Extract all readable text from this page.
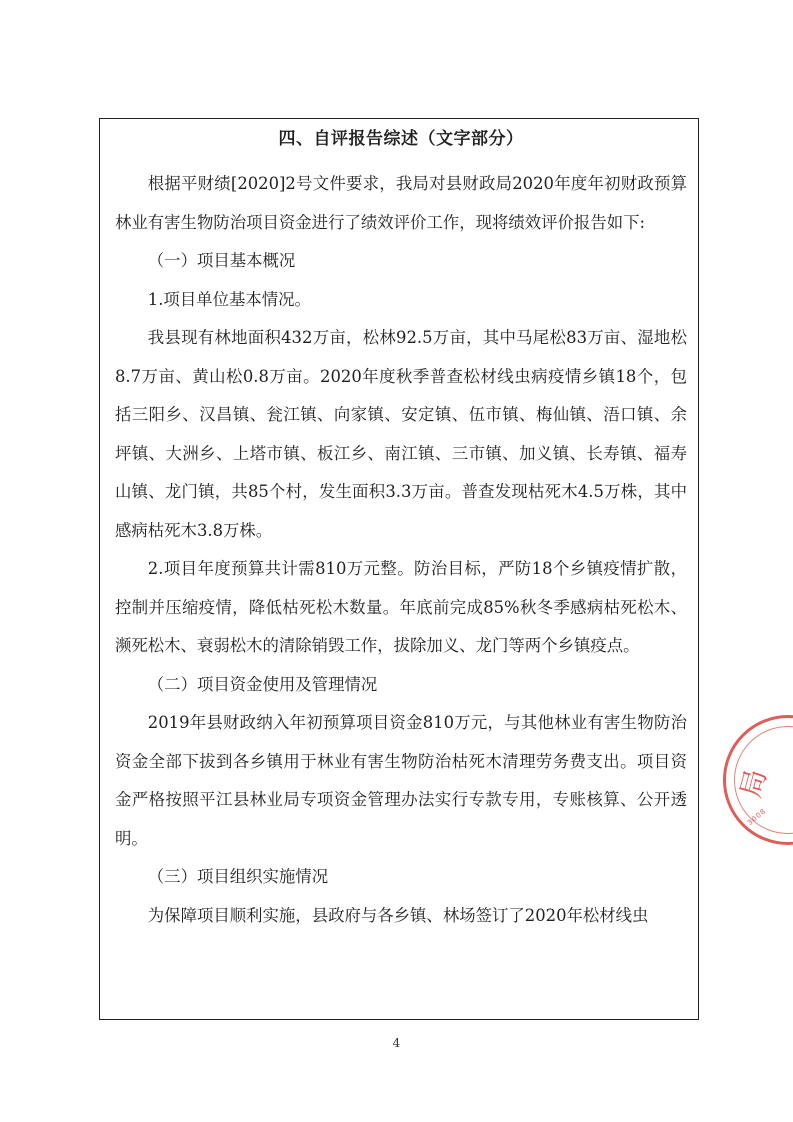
四、自评报告综述（文字部分）

根据平财绩[2020]2号文件要求，我局对县财政局2020年度年初财政预算林业有害生物防治项目资金进行了绩效评价工作，现将绩效评价报告如下:

（一）项目基本概况

1.项目单位基本情况。

我县现有林地面积432万亩，松林92.5万亩，其中马尾松83万亩、湿地松8.7万亩、黄山松0.8万亩。2020年度秋季普查松材线虫病疫情乡镇18个，包括三阳乡、汉昌镇、瓮江镇、向家镇、安定镇、伍市镇、梅仙镇、浯口镇、余坪镇、大洲乡、上塔市镇、板江乡、南江镇、三市镇、加义镇、长寿镇、福寿山镇、龙门镇，共85个村，发生面积3.3万亩。普查发现枯死木4.5万株，其中感病枯死木3.8万株。

2.项目年度预算共计需810万元整。防治目标，严防18个乡镇疫情扩散，控制并压缩疫情，降低枯死松木数量。年底前完成85%秋冬季感病枯死松木、濒死松木、衰弱松木的清除销毁工作，拔除加义、龙门等两个乡镇疫点。

（二）项目资金使用及管理情况

2019年县财政纳入年初预算项目资金810万元，与其他林业有害生物防治资金全部下拔到各乡镇用于林业有害生物防治枯死木清理劳务费支出。项目资金严格按照平江县林业局专项资金管理办法实行专款专用，专账核算、公开透明。

（三）项目组织实施情况

为保障项目顺利实施，县政府与各乡镇、林场签订了2020年松材线虫

局
3008
4
